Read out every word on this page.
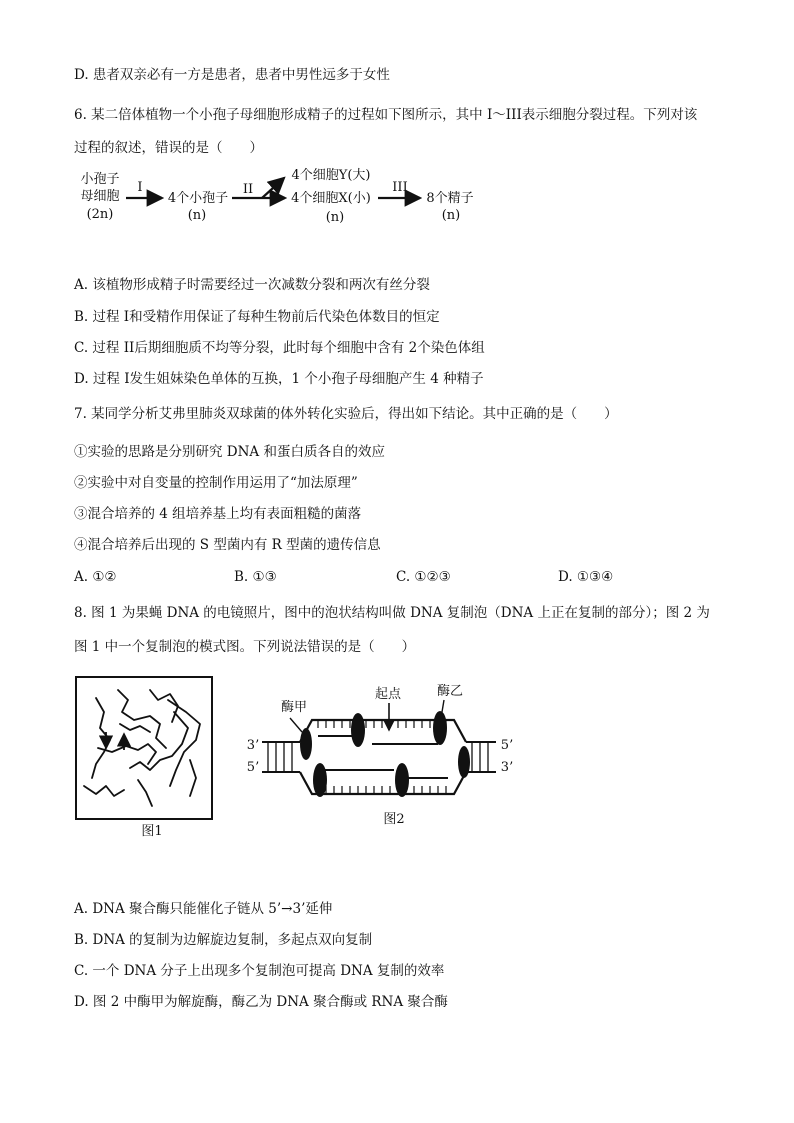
D. 患者双亲必有一方是患者，患者中男性远多于女性
6. 某二倍体植物一个小孢子母细胞形成精子的过程如下图所示，其中 I～III表示细胞分裂过程。下列对该
过程的叙述，错误的是（　　）
小孢子
母细胞
(2n)
I
4个小孢子
(n)
II
4个细胞Y(大)
4个细胞X(小)
(n)
III
8个精子
(n)
A. 该植物形成精子时需要经过一次减数分裂和两次有丝分裂
B. 过程 I和受精作用保证了每种生物前后代染色体数目的恒定
C. 过程 II后期细胞质不均等分裂，此时每个细胞中含有 2个染色体组
D. 过程 I发生姐妹染色单体的互换，1 个小孢子母细胞产生 4 种精子
7. 某同学分析艾弗里肺炎双球菌的体外转化实验后，得出如下结论。其中正确的是（　　）
①实验的思路是分别研究 DNA 和蛋白质各自的效应
②实验中对自变量的控制作用运用了“加法原理”
③混合培养的 4 组培养基上均有表面粗糙的菌落
④混合培养后出现的 S 型菌内有 R 型菌的遗传信息
A. ①②	B. ①③	C. ①②③	D. ①③④
8. 图 1 为果蝇 DNA 的电镜照片，图中的泡状结构叫做 DNA 复制泡（DNA 上正在复制的部分）；图 2 为
图 1 中一个复制泡的模式图。下列说法错误的是（　　）
图1
酶甲
起点	酶乙
3’
5’
5’
3’
图2
A. DNA 聚合酶只能催化子链从 5’→3’延伸
B. DNA 的复制为边解旋边复制，多起点双向复制
C. 一个 DNA 分子上出现多个复制泡可提高 DNA 复制的效率
D. 图 2 中酶甲为解旋酶，酶乙为 DNA 聚合酶或 RNA 聚合酶
